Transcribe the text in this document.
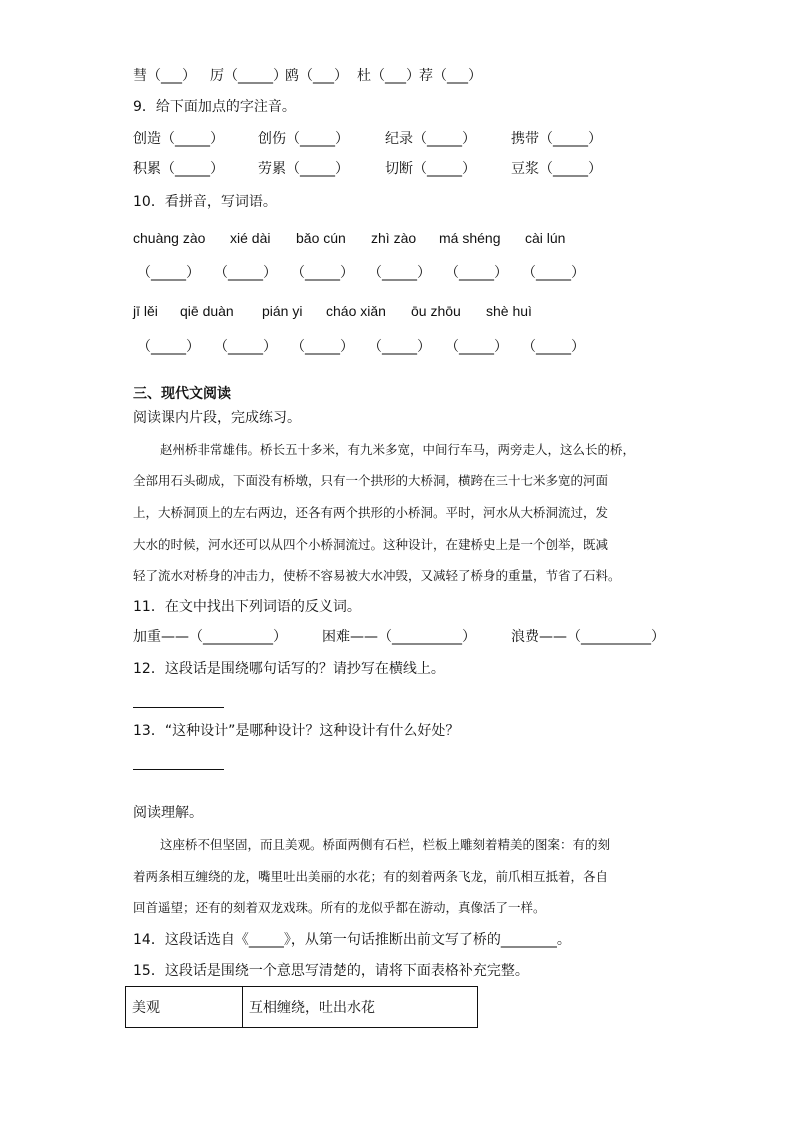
彗（___） 厉（_____）
鸥（___） 杜（___） 荐（___）
9．给下面加点的字注音。
创造（_____） 创伤（_____）	纪录（_____）	携带（_____）
积累（_____） 劳累（_____）	切断（_____）	豆浆（_____）
10．看拼音，写词语。
chuàng zào xié dài bǎo cún zhì zào má shéng cài lún
（_____） （_____） （_____） （_____） （_____） （_____）
jī lěi qiē duàn pián yi cháo xiǎn ōu zhōu shè huì
（_____） （_____） （_____） （_____） （_____） （_____）
三、现代文阅读
阅读课内片段，完成练习。
赵州桥非常雄伟。桥长五十多米，有九米多宽，中间行车马，两旁走人，这么长的桥，
全部用石头砌成，下面没有桥墩，只有一个拱形的大桥洞，横跨在三十七米多宽的河面
上，大桥洞顶上的左右两边，还各有两个拱形的小桥洞。平时，河水从大桥洞流过，发
大水的时候，河水还可以从四个小桥洞流过。这种设计，在建桥史上是一个创举，既减
轻了流水对桥身的冲击力，使桥不容易被大水冲毁，又减轻了桥身的重量，节省了石料。
11．在文中找出下列词语的反义词。
加重——（__________）	困难——（__________）	浪费——（__________）
12．这段话是围绕哪句话写的？请抄写在横线上。
13．“这种设计”是哪种设计？这种设计有什么好处？
阅读理解。
这座桥不但坚固，而且美观。桥面两侧有石栏，栏板上雕刻着精美的图案：有的刻
着两条相互缠绕的龙，嘴里吐出美丽的水花；有的刻着两条飞龙，前爪相互抵着，各自
回首遥望；还有的刻着双龙戏珠。所有的龙似乎都在游动，真像活了一样。
14．这段话选自《_____》，从第一句话推断出前文写了桥的________。
15．这段话是围绕一个意思写清楚的，请将下面表格补充完整。
美观	互相缠绕，吐出水花
